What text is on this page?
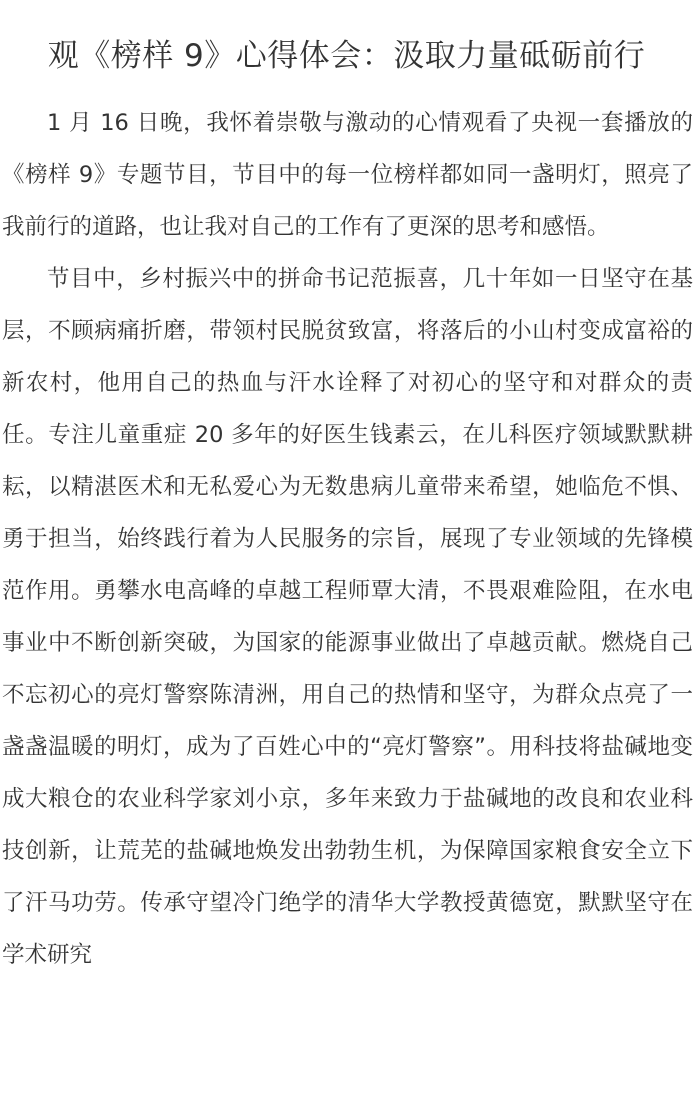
观《榜样 9》心得体会：汲取力量砥砺前行

1 月 16 日晚，我怀着崇敬与激动的心情观看了央视一套播放的《榜样 9》专题节目，节目中的每一位榜样都如同一盏明灯，照亮了我前行的道路，也让我对自己的工作有了更深的思考和感悟。

节目中，乡村振兴中的拼命书记范振喜，几十年如一日坚守在基层，不顾病痛折磨，带领村民脱贫致富，将落后的小山村变成富裕的新农村，他用自己的热血与汗水诠释了对初心的坚守和对群众的责任。专注儿童重症 20 多年的好医生钱素云，在儿科医疗领域默默耕耘，以精湛医术和无私爱心为无数患病儿童带来希望，她临危不惧、勇于担当，始终践行着为人民服务的宗旨，展现了专业领域的先锋模范作用。勇攀水电高峰的卓越工程师覃大清，不畏艰难险阻，在水电事业中不断创新突破，为国家的能源事业做出了卓越贡献。燃烧自己不忘初心的亮灯警察陈清洲，用自己的热情和坚守，为群众点亮了一盏盏温暖的明灯，成为了百姓心中的“亮灯警察”。用科技将盐碱地变成大粮仓的农业科学家刘小京，多年来致力于盐碱地的改良和农业科技创新，让荒芜的盐碱地焕发出勃勃生机，为保障国家粮食安全立下了汗马功劳。传承守望冷门绝学的清华大学教授黄德宽，默默坚守在学术研究
